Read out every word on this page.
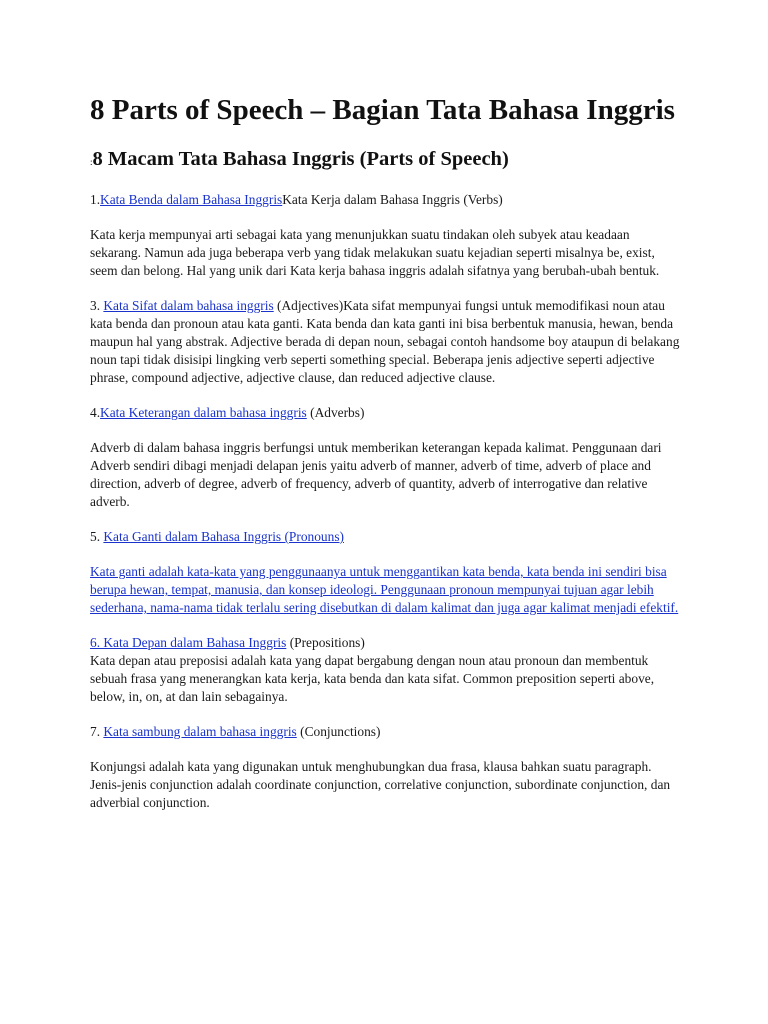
8 Parts of Speech – Bagian Tata Bahasa Inggris
:8 Macam Tata Bahasa Inggris (Parts of Speech)

1.Kata Benda dalam Bahasa InggrisKata Kerja dalam Bahasa Inggris (Verbs)

Kata kerja mempunyai arti sebagai kata yang menunjukkan suatu tindakan oleh subyek atau keadaan sekarang. Namun ada juga beberapa verb yang tidak melakukan suatu kejadian seperti misalnya be, exist, seem dan belong. Hal yang unik dari Kata kerja bahasa inggris adalah sifatnya yang berubah-ubah bentuk.

3. Kata Sifat dalam bahasa inggris (Adjectives)Kata sifat mempunyai fungsi untuk memodifikasi noun atau kata benda dan pronoun atau kata ganti. Kata benda dan kata ganti ini bisa berbentuk manusia, hewan, benda maupun hal yang abstrak. Adjective berada di depan noun, sebagai contoh handsome boy ataupun di belakang noun tapi tidak disisipi lingking verb seperti something special. Beberapa jenis adjective seperti adjective phrase, compound adjective, adjective clause, dan reduced adjective clause.

4.Kata Keterangan dalam bahasa inggris (Adverbs)

Adverb di dalam bahasa inggris berfungsi untuk memberikan keterangan kepada kalimat. Penggunaan dari Adverb sendiri dibagi menjadi delapan jenis yaitu adverb of manner, adverb of time, adverb of place and direction, adverb of degree, adverb of frequency, adverb of quantity, adverb of interrogative dan relative adverb.

5. Kata Ganti dalam Bahasa Inggris (Pronouns)

Kata ganti adalah kata-kata yang penggunaanya untuk menggantikan kata benda, kata benda ini sendiri bisa berupa hewan, tempat, manusia, dan konsep ideologi. Penggunaan pronoun mempunyai tujuan agar lebih sederhana, nama-nama tidak terlalu sering disebutkan di dalam kalimat dan juga agar kalimat menjadi efektif.

6. Kata Depan dalam Bahasa Inggris (Prepositions)

Kata depan atau preposisi adalah kata yang dapat bergabung dengan noun atau pronoun dan membentuk sebuah frasa yang menerangkan kata kerja, kata benda dan kata sifat. Common preposition seperti above, below, in, on, at dan lain sebagainya.

7. Kata sambung dalam bahasa inggris (Conjunctions)

Konjungsi adalah kata yang digunakan untuk menghubungkan dua frasa, klausa bahkan suatu paragraph. Jenis-jenis conjunction adalah coordinate conjunction, correlative conjunction, subordinate conjunction, dan adverbial conjunction.
